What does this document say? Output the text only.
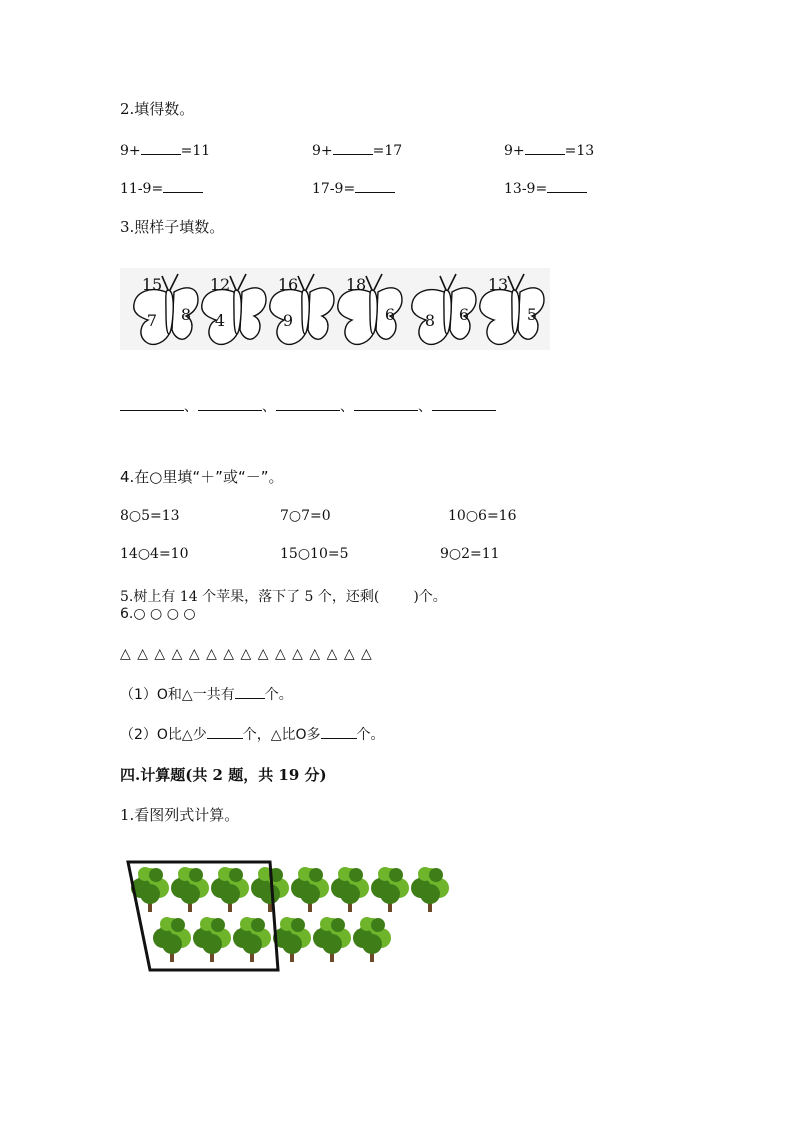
2.填得数。
9+	=11	9+	=17	9+	=13
11-9=	17-9=	13-9=
3.照样子填数。
15
7 8
12
4
16
9
18
6 8 6
13
5
、	、	、	、
4.在○里填“＋”或“－”。
8○5=13	7○7=0	10○6=16
14○4=10	15○10=5	9○2=11
5.树上有 14 个苹果，落下了 5 个，还剩( )个。
6.○ ○ ○ ○
△ △ △ △ △ △ △ △ △ △ △ △ △ △ △
（1）O和△一共有 个。
（2）O比△少	个，△比O多	个。
四.计算题(共 2 题，共 19 分)
1.看图列式计算。
